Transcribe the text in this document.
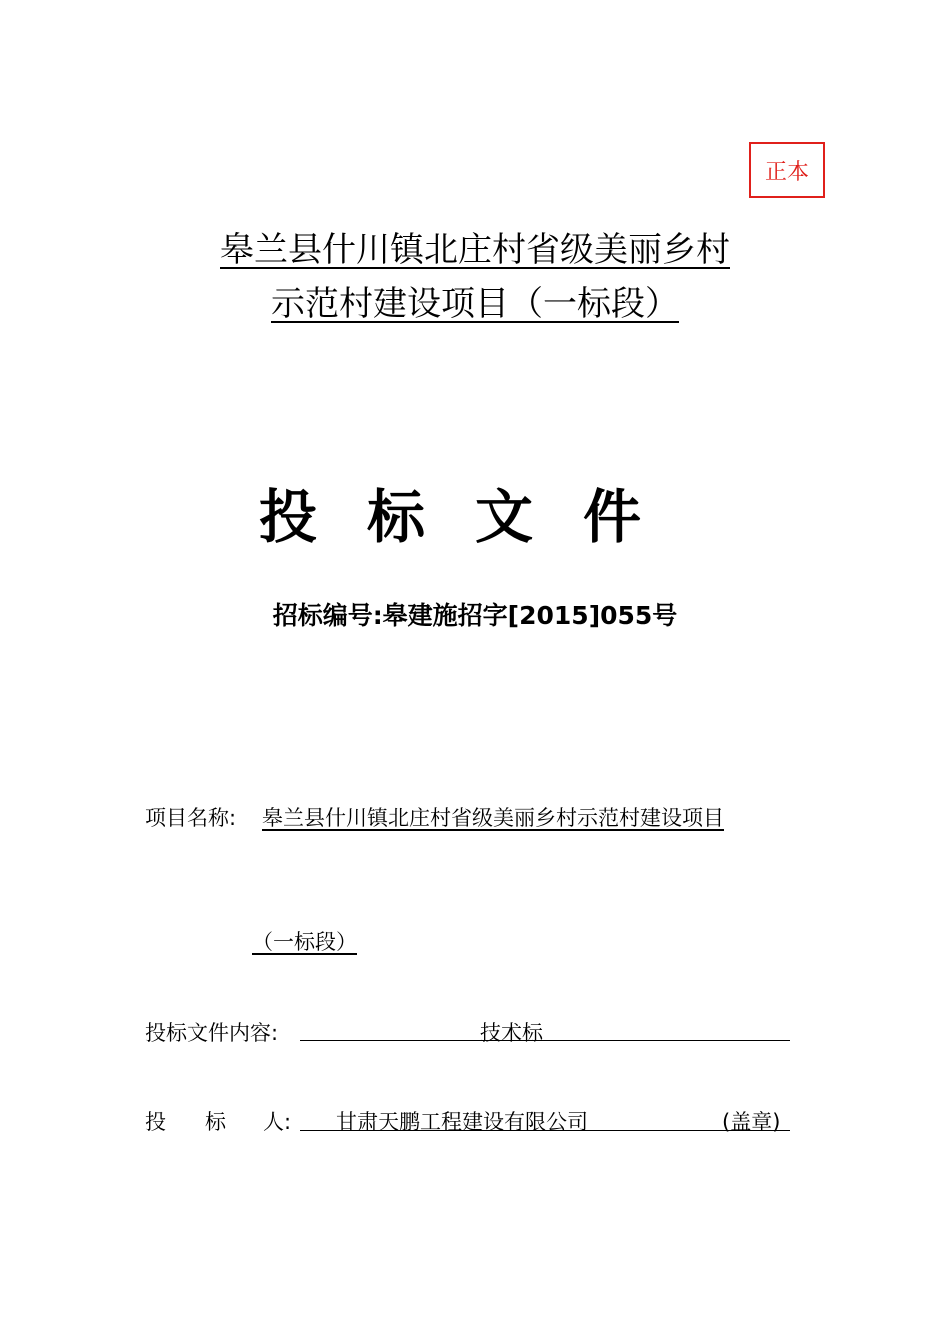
正本
皋兰县什川镇北庄村省级美丽乡村
示范村建设项目（一标段）
投标文件
招标编号:皋建施招字[2015]055号
项目名称: 皋兰县什川镇北庄村省级美丽乡村示范村建设项目
（一标段）
投标文件内容:	技术标
投 标 人: 甘肃天鹏工程建设有限公司	(盖章)
